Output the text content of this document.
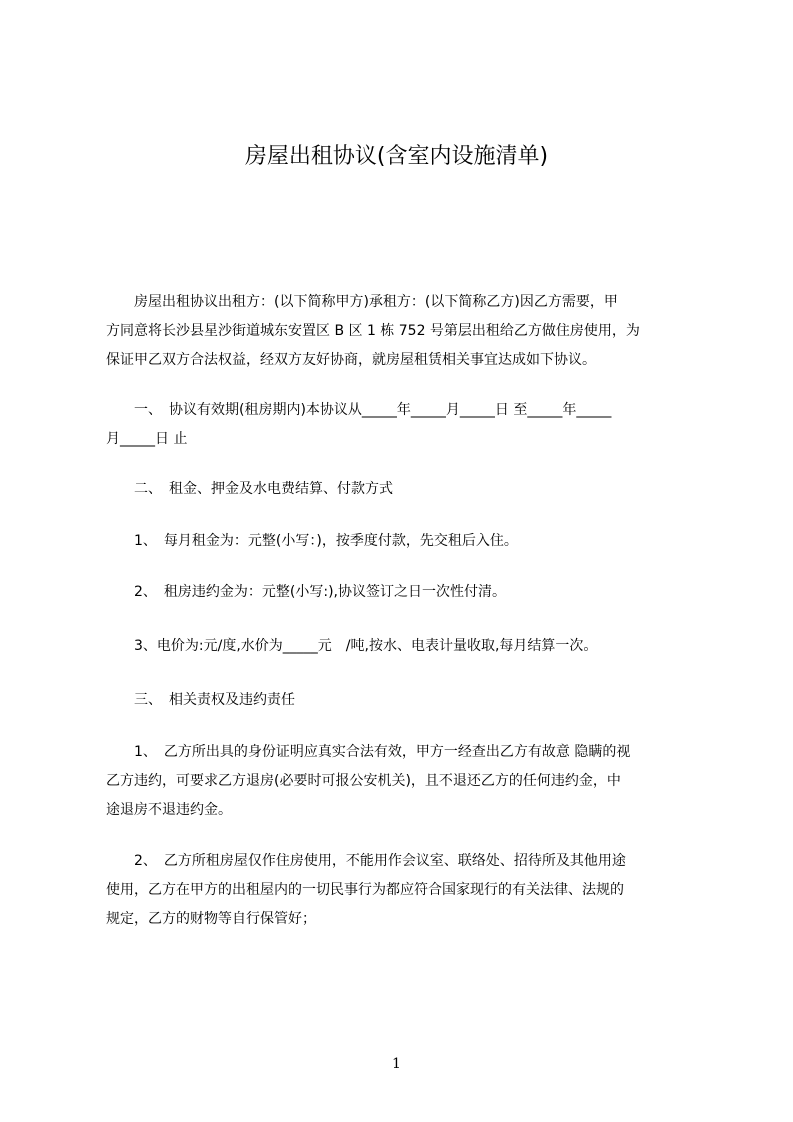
房屋出租协议(含室内设施清单)
　　房屋出租协议出租方：(以下简称甲方)承租方：(以下简称乙方)因乙方需要，甲
方同意将长沙县星沙街道城东安置区 B 区 1 栋 752 号第层出租给乙方做住房使用，为
保证甲乙双方合法权益，经双方友好协商，就房屋租赁相关事宜达成如下协议。
　　一、　协议有效期(租房期内)本协议从_____年_____月_____日 至_____年_____
月_____日 止
　　二、　租金、押金及水电费结算、付款方式
　　1、　每月租金为：元整(小写：)，按季度付款，先交租后入住。
　　2、　租房违约金为：元整(小写:),协议签订之日一次性付清。
　　3、电价为:元/度,水价为_____元　/吨,按水、电表计量收取,每月结算一次。
　　三、　相关责权及违约责任
　　1、　乙方所出具的身份证明应真实合法有效，甲方一经查出乙方有故意 隐瞒的视
乙方违约，可要求乙方退房(必要时可报公安机关)，且不退还乙方的任何违约金，中
途退房不退违约金。
　　2、　乙方所租房屋仅作住房使用，不能用作会议室、联络处、招待所及其他用途
使用，乙方在甲方的出租屋内的一切民事行为都应符合国家现行的有关法律、法规的
规定，乙方的财物等自行保管好；
1
